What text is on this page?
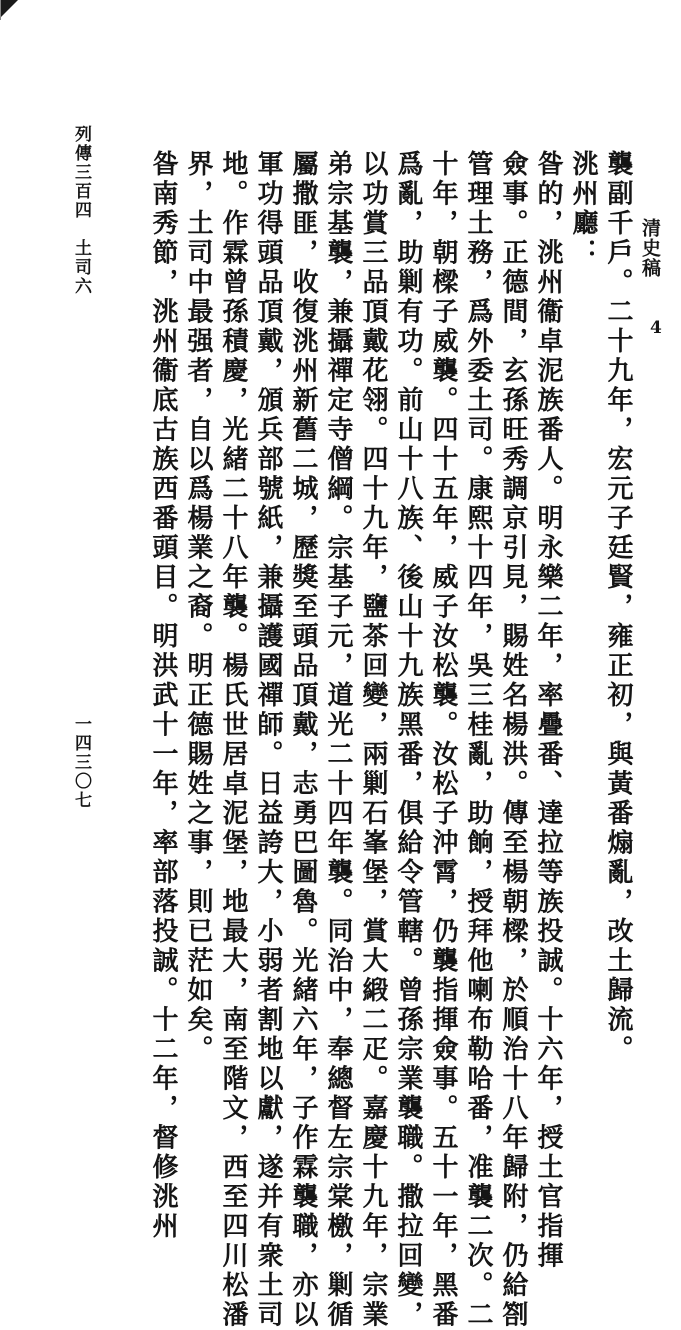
清史稿
4
襲副千戶。二十九年，宏元子廷賢，雍正初，與黃番煽亂，改土歸流。
洮州廳：
昝的，洮州衞卓泥族番人。明永樂二年，率疊番、達拉等族投誠。十六年，授土官指揮
僉事。正德間，玄孫旺秀調京引見，賜姓名楊洪。傳至楊朝樑，於順治十八年歸附，仍給劄
管理土務，爲外委土司。康熙十四年，吳三桂亂，助餉，授拜他喇布勒哈番，准襲二次。二
十年，朝樑子威襲。四十五年，威子汝松襲。汝松子沖霄，仍襲指揮僉事。五十一年，黑番
爲亂，助剿有功。前山十八族、後山十九族黑番，俱給令管轄。曾孫宗業襲職。撒拉回變，
以功賞三品頂戴花翎。四十九年，鹽茶回變，兩剿石峯堡，賞大緞二疋。嘉慶十九年，宗業
弟宗基襲，兼攝禪定寺僧綱。宗基子元，道光二十四年襲。同治中，奉總督左宗棠檄，剿循
屬撒匪，收復洮州新舊二城，歷獎至頭品頂戴，志勇巴圖魯。光緒六年，子作霖襲職，亦以
軍功得頭品頂戴，頒兵部號紙，兼攝護國禪師。日益誇大，小弱者割地以獻，遂并有衆土司
地。作霖曾孫積慶，光緒二十八年襲。楊氏世居卓泥堡，地最大，南至階文，西至四川松潘
界，土司中最强者，自以爲楊業之裔。明正德賜姓之事，則已茫如矣。
昝南秀節，洮州衞底古族西番頭目。明洪武十一年，率部落投誠。十二年，督修洮州
列傳三百四　土司六
一四三〇七
